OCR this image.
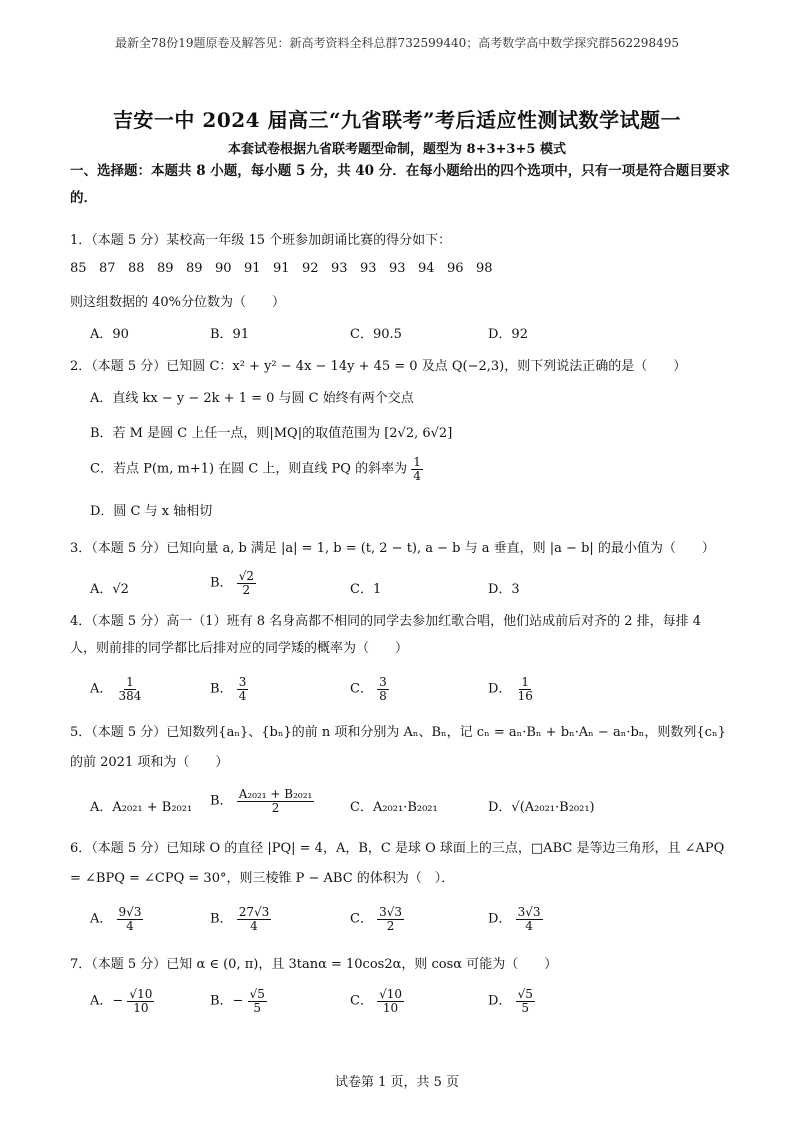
最新全78份19题原卷及解答见：新高考资料全科总群732599440；高考数学高中数学探究群562298495
吉安一中 2024 届高三“九省联考”考后适应性测试数学试题一
本套试卷根据九省联考题型命制，题型为 8+3+3+5 模式
一、选择题：本题共 8 小题，每小题 5 分，共 40 分．在每小题给出的四个选项中，只有一项是符合题目要求的．
1．（本题 5 分）某校高一年级 15 个班参加朗诵比赛的得分如下：
85 87 88 89 89 90 91 91 92 93 93 93 94 96 98
则这组数据的 40%分位数为（　　）
A．90	B．91	C．90.5	D．92
2．（本题 5 分）已知圆 C：x² + y² − 4x − 14y + 45 = 0 及点 Q(−2,3)，则下列说法正确的是（　　）
A．直线 kx − y − 2k + 1 = 0 与圆 C 始终有两个交点
B．若 M 是圆 C 上任一点，则|MQ|的取值范围为 [2√2, 6√2]
C．若点 P(m, m+1) 在圆 C 上，则直线 PQ 的斜率为 $\frac{1}{4}$
D．圆 C 与 x 轴相切
3．（本题 5 分）已知向量 a, b 满足 |a| = 1, b = (t, 2 − t), a − b 与 a 垂直，则 |a − b| 的最小值为（　　）
A．√2	B． $\frac{√2}{2}$	C．1	D．3
4．（本题 5 分）高一（1）班有 8 名身高都不相同的同学去参加红歌合唱，他们站成前后对齐的 2 排，每排 4 人，则前排的同学都比后排对应的同学矮的概率为（　　）
A． $\frac{1}{384}$	B． $\frac{3}{4}$	C． $\frac{3}{8}$	D． $\frac{1}{16}$
5．（本题 5 分）已知数列{aₙ}、{bₙ}的前 n 项和分别为 Aₙ、Bₙ，记 cₙ = aₙ·Bₙ + bₙ·Aₙ − aₙ·bₙ，则数列{cₙ}的前 2021 项和为（　　）
A．A₂₀₂₁ + B₂₀₂₁ B． $\frac{\text{A₂₀₂₁ + B₂₀₂₁}}{2}$	C．A₂₀₂₁·B₂₀₂₁	D．√(A₂₀₂₁·B₂₀₂₁)
6．（本题 5 分）已知球 O 的直径 |PQ| = 4，A，B，C 是球 O 球面上的三点，□ABC 是等边三角形，且 ∠APQ = ∠BPQ = ∠CPQ = 30°，则三棱锥 P − ABC 的体积为（　）．
A． $\frac{9√3}{4}$	B． $\frac{27√3}{4}$	C． $\frac{3√3}{2}$	D． $\frac{3√3}{4}$
7．（本题 5 分）已知 α ∈ (0, π)，且 3tanα = 10cos2α，则 cosα 可能为（　　）
A．− $\frac{√10}{10}$	B．− $\frac{√5}{5}$	C． $\frac{√10}{10}$	D． $\frac{√5}{5}$
试卷第 1 页，共 5 页
